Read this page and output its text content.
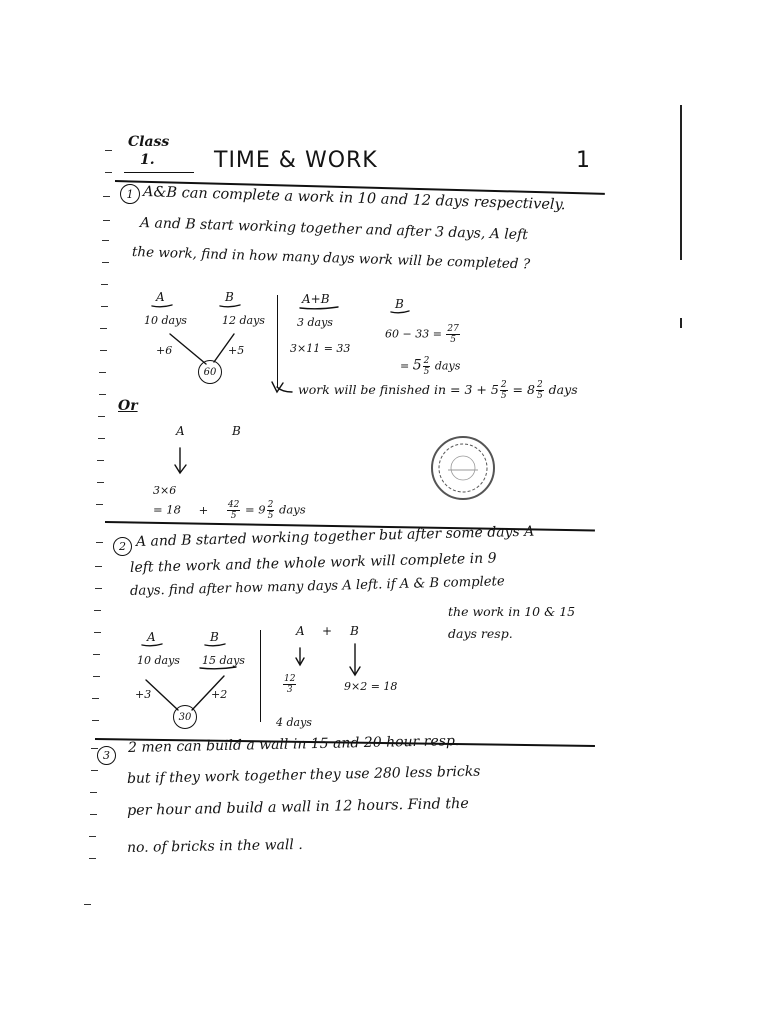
Class
1.	TIME & WORK	1
1 A&B can complete a work in 10 and 12 days respectively.
A and B start working together and after 3 days, A left
the work, find in how many days work will be completed ?
A	B
10 days	12 days
+6	+5
60
A+B
3 days
3×11 = 33
B
$60 - 33 = \frac{27}{5}$
= $5 \frac{2}{5}$ days
work will be finished in = $3 + 5 \frac{2}{5} = 8 \frac{2}{5}$ days
Or
A	B
3×6
= $18 + \frac{42}{5} = 9 \frac{2}{5}$ days
2 A and B started working together but after some days A
left the work and the whole work will complete in 9
days. find after how many days A left. if A & B complete
the work in 10 & 15
days resp.
A	B
10 days 15 days
+3	+2
30
A + B
$\frac{12}{3}$	9×2 = 18
4 days
3	2 men can build a wall in 15 and 20 hour resp.
but if they work together they use 280 less bricks
per hour and build a wall in 12 hours. Find the
no. of bricks in the wall .
